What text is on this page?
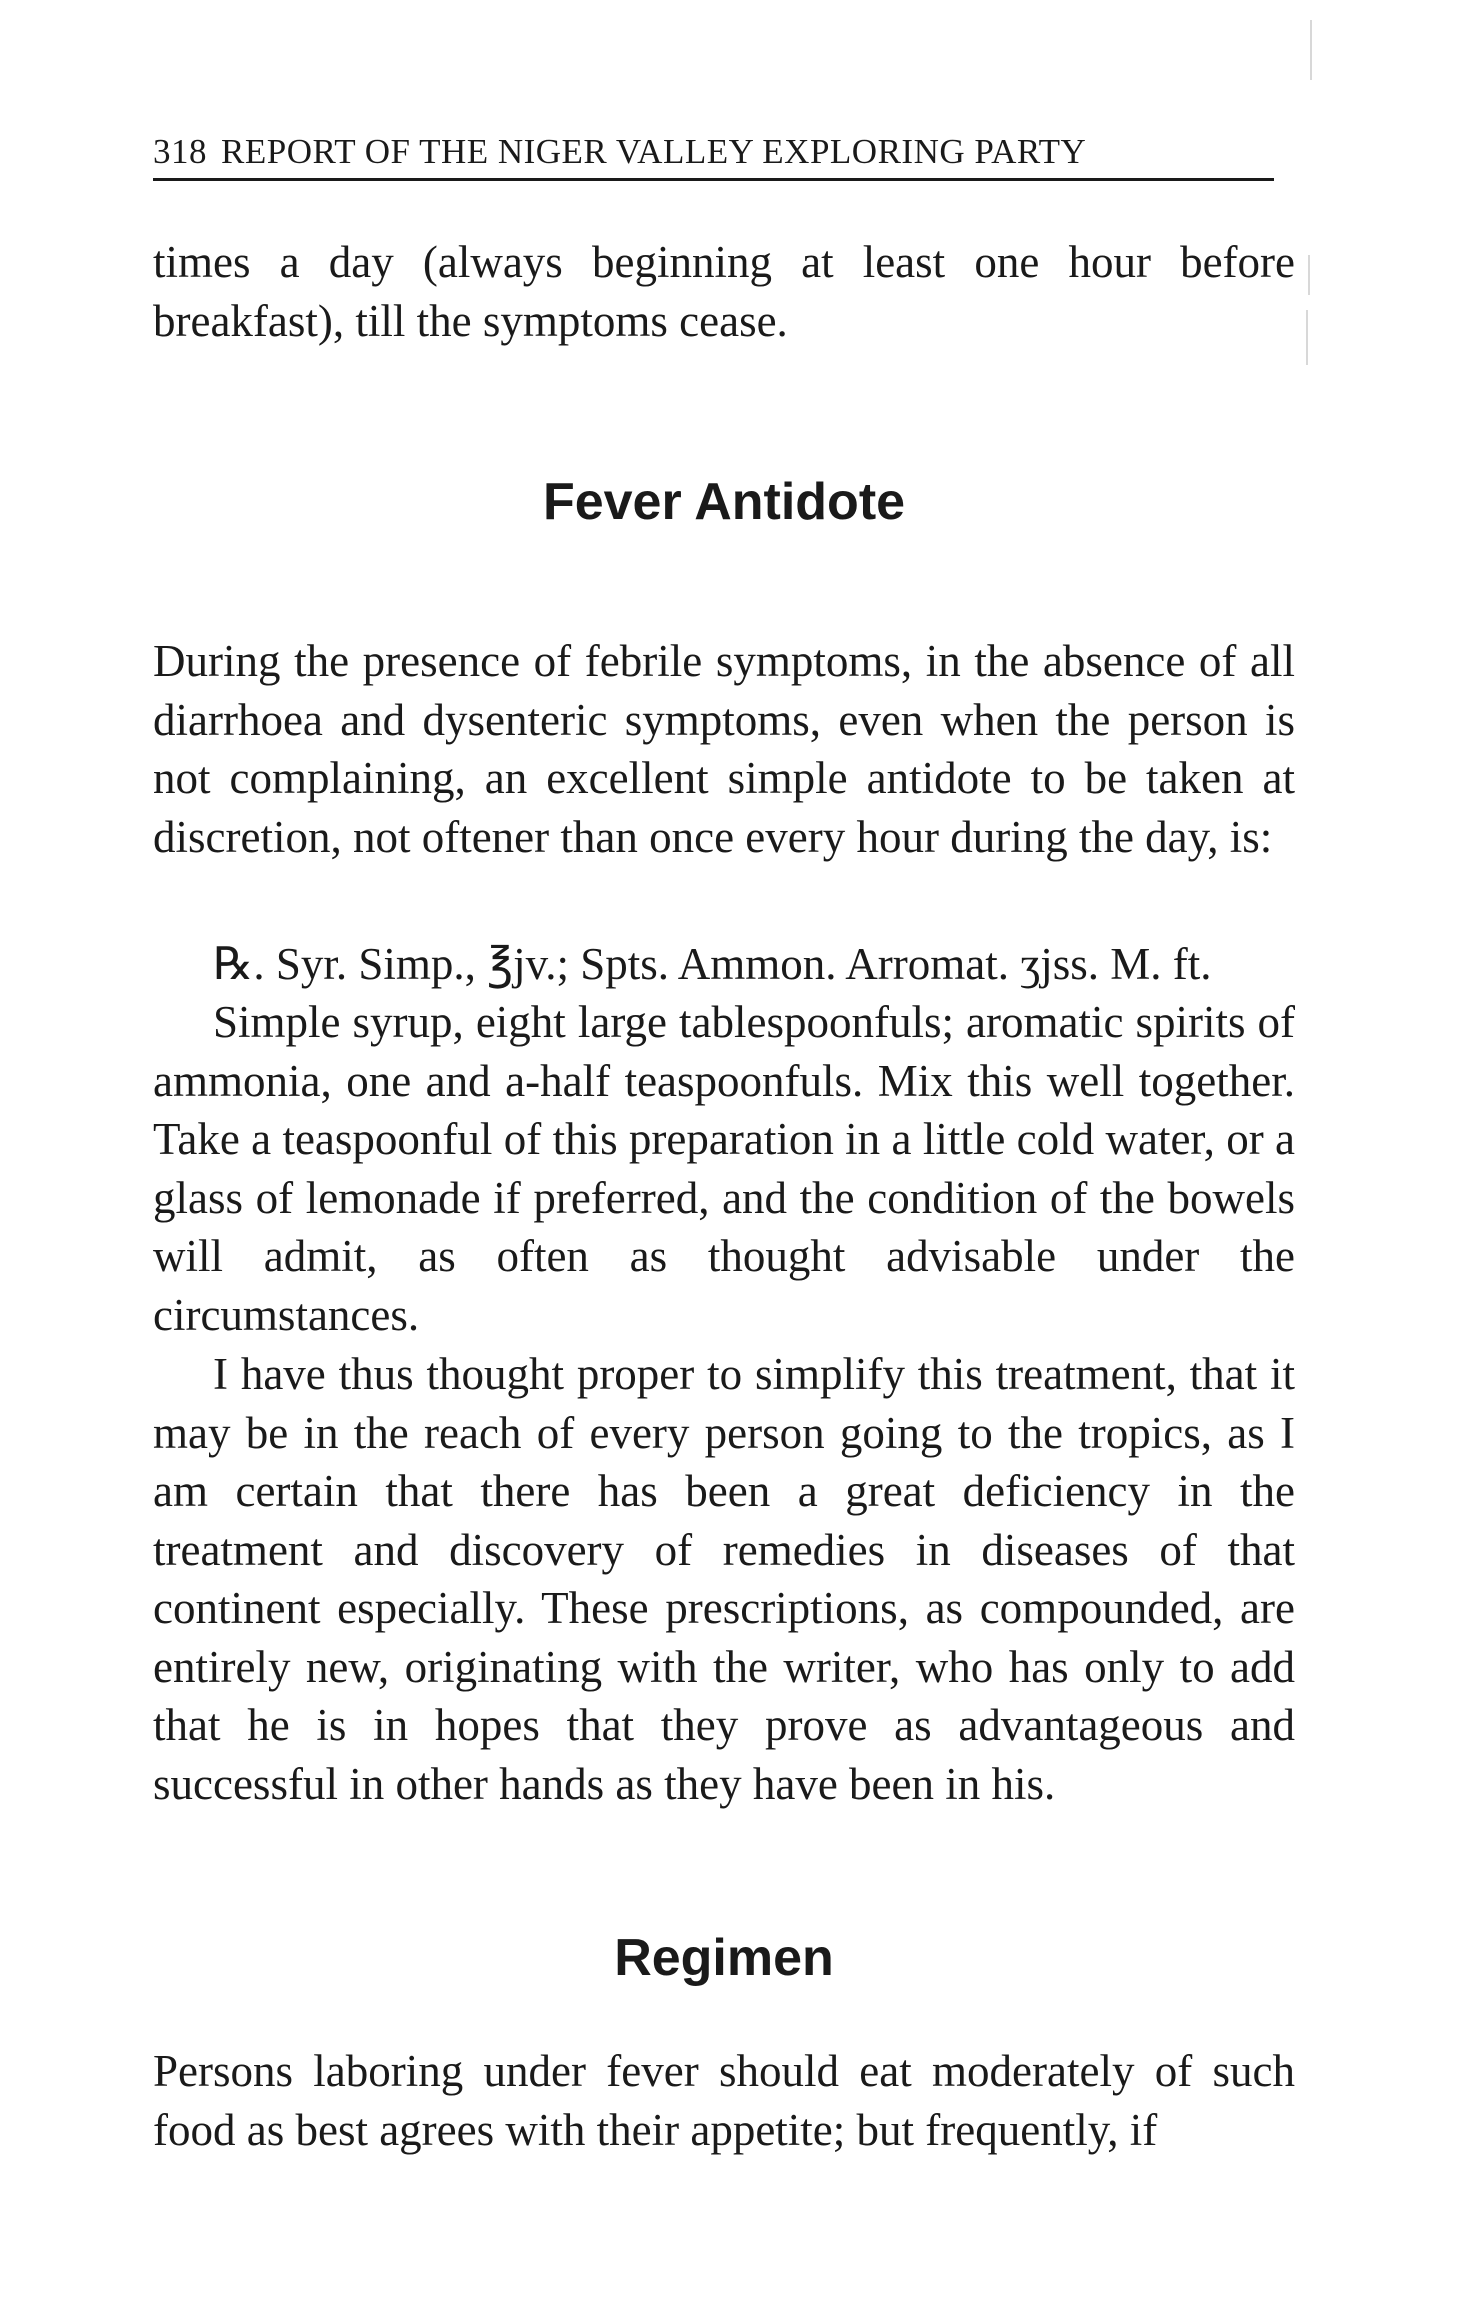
318 REPORT OF THE NIGER VALLEY EXPLORING PARTY
times a day (always beginning at least one hour before breakfast), till the symptoms cease.
Fever Antidote
During the presence of febrile symptoms, in the absence of all diarrhoea and dysenteric symptoms, even when the person is not complaining, an excellent simple antidote to be taken at discretion, not oftener than once every hour during the day, is:
℞. Syr. Simp., ℥jv.; Spts. Ammon. Arromat. ʒjss. M. ft.
Simple syrup, eight large tablespoonfuls; aromatic spirits of ammonia, one and a-half teaspoonfuls. Mix this well together. Take a teaspoonful of this preparation in a little cold water, or a glass of lemonade if preferred, and the condition of the bowels will admit, as often as thought advisable under the circumstances.
I have thus thought proper to simplify this treatment, that it may be in the reach of every person going to the tropics, as I am certain that there has been a great deficiency in the treatment and discovery of remedies in diseases of that continent especially. These prescriptions, as compounded, are entirely new, originating with the writer, who has only to add that he is in hopes that they prove as advantageous and successful in other hands as they have been in his.
Regimen
Persons laboring under fever should eat moderately of such food as best agrees with their appetite; but frequently, if
